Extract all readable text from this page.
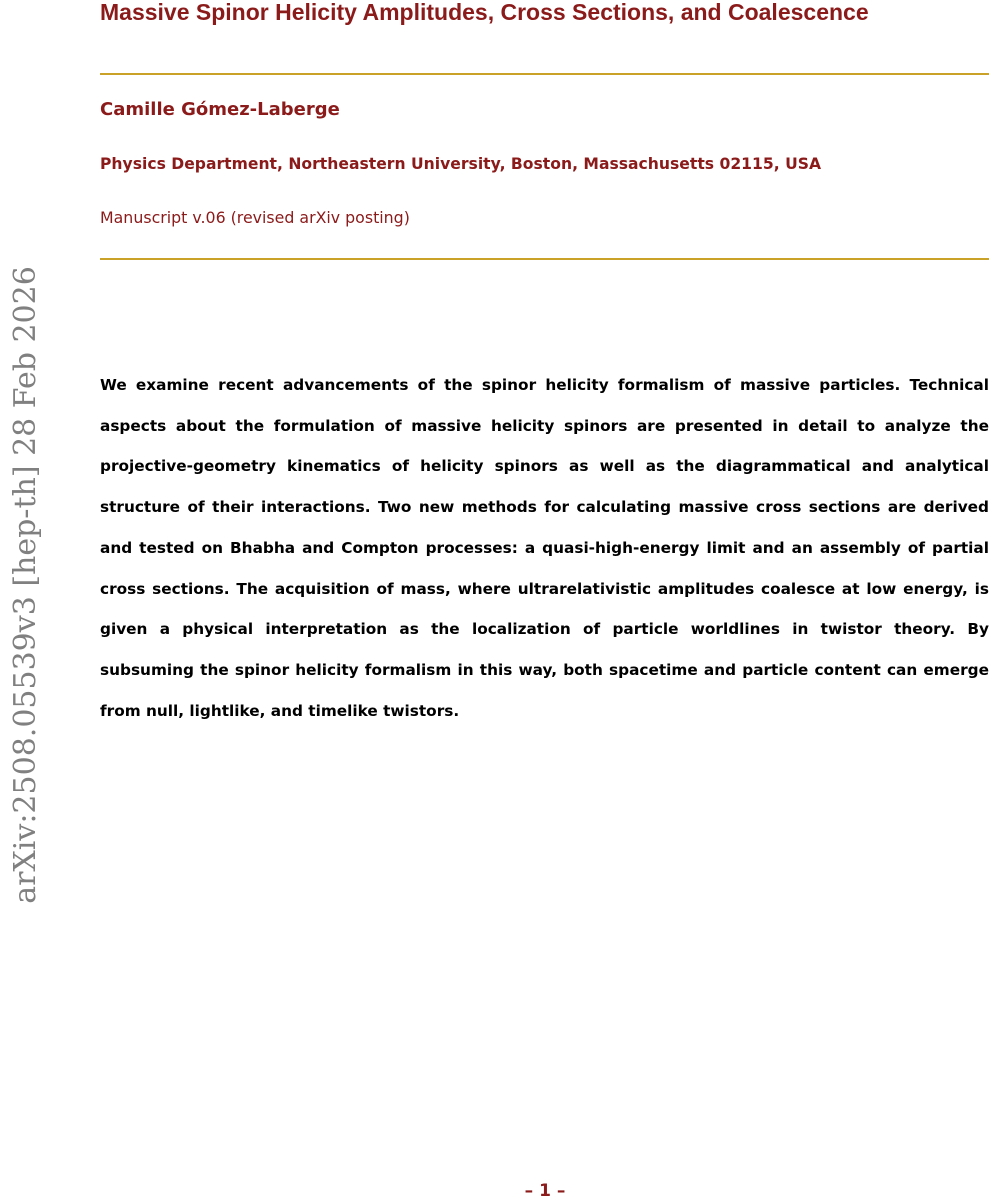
Massive Spinor Helicity Amplitudes, Cross Sections, and Coalescence
Camille Gómez-Laberge
Physics Department, Northeastern University, Boston, Massachusetts 02115, USA
Manuscript v.06 (revised arXiv posting)

We examine recent advancements of the spinor helicity formalism of massive particles. Technical aspects about the formulation of massive helicity spinors are presented in detail to analyze the projective-geometry kinematics of helicity spinors as well as the diagrammatical and analytical structure of their interactions. Two new methods for calculating massive cross sections are derived and tested on Bhabha and Compton processes: a quasi-high-energy limit and an assembly of partial cross sections. The acquisition of mass, where ultrarelativistic amplitudes coalesce at low energy, is given a physical interpretation as the localization of particle worldlines in twistor theory. By subsuming the spinor helicity formalism in this way, both spacetime and particle content can emerge from null, lightlike, and timelike twistors.

arXiv:2508.05539v3 [hep-th] 28 Feb 2026
– 1 –
